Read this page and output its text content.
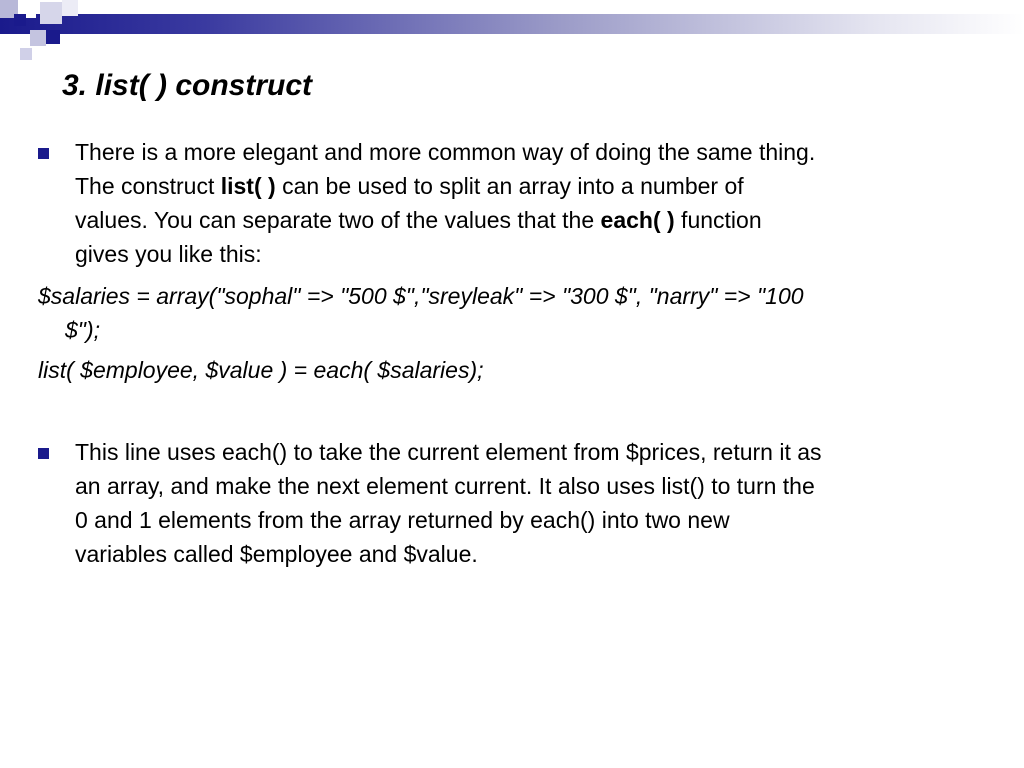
3. list( ) construct
There is a more elegant and more common way of doing the same thing.
The construct list( ) can be used to split an array into a number of
values. You can separate two of the values that the each( ) function
gives you like this:
$salaries = array("sophal" => "500 $","sreyleak" => "300 $", "narry" => "100
$");
list( $employee, $value ) = each( $salaries);
This line uses each() to take the current element from $prices, return it as
an array, and make the next element current. It also uses list() to turn the
0 and 1 elements from the array returned by each() into two new
variables called $employee and $value.
